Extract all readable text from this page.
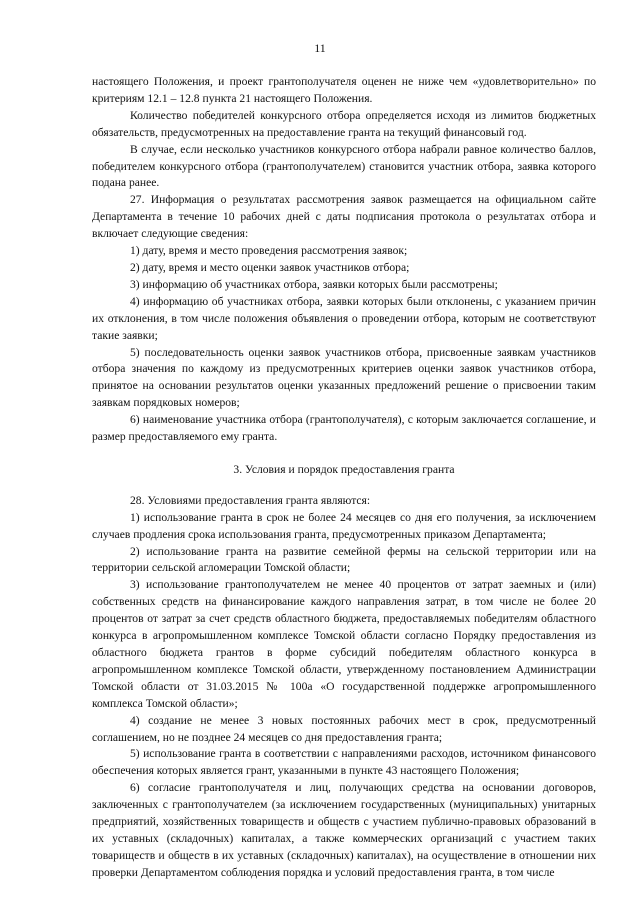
11

настоящего Положения, и проект грантополучателя оценен не ниже чем «удовлетворительно» по критериям 12.1 – 12.8 пункта 21 настоящего Положения.

Количество победителей конкурсного отбора определяется исходя из лимитов бюджетных обязательств, предусмотренных на предоставление гранта на текущий финансовый год.

В случае, если несколько участников конкурсного отбора набрали равное количество баллов, победителем конкурсного отбора (грантополучателем) становится участник отбора, заявка которого подана ранее.

27. Информация о результатах рассмотрения заявок размещается на официальном сайте Департамента в течение 10 рабочих дней с даты подписания протокола о результатах отбора и включает следующие сведения:

1) дату, время и место проведения рассмотрения заявок;

2) дату, время и место оценки заявок участников отбора;

3) информацию об участниках отбора, заявки которых были рассмотрены;

4) информацию об участниках отбора, заявки которых были отклонены, с указанием причин их отклонения, в том числе положения объявления о проведении отбора, которым не соответствуют такие заявки;

5) последовательность оценки заявок участников отбора, присвоенные заявкам участников отбора значения по каждому из предусмотренных критериев оценки заявок участников отбора, принятое на основании результатов оценки указанных предложений решение о присвоении таким заявкам порядковых номеров;

6) наименование участника отбора (грантополучателя), с которым заключается соглашение, и размер предоставляемого ему гранта.

3. Условия и порядок предоставления гранта

28. Условиями предоставления гранта являются:

1) использование гранта в срок не более 24 месяцев со дня его получения, за исключением случаев продления срока использования гранта, предусмотренных приказом Департамента;

2) использование гранта на развитие семейной фермы на сельской территории или на территории сельской агломерации Томской области;

3) использование грантополучателем не менее 40 процентов от затрат заемных и (или) собственных средств на финансирование каждого направления затрат, в том числе не более 20 процентов от затрат за счет средств областного бюджета, предоставляемых победителям областного конкурса в агропромышленном комплексе Томской области согласно Порядку предоставления из областного бюджета грантов в форме субсидий победителям областного конкурса в агропромышленном комплексе Томской области, утвержденному постановлением Администрации Томской области от 31.03.2015 № 100а «О государственной поддержке агропромышленного комплекса Томской области»;

4) создание не менее 3 новых постоянных рабочих мест в срок, предусмотренный соглашением, но не позднее 24 месяцев со дня предоставления гранта;

5) использование гранта в соответствии с направлениями расходов, источником финансового обеспечения которых является грант, указанными в пункте 43 настоящего Положения;

6) согласие грантополучателя и лиц, получающих средства на основании договоров, заключенных с грантополучателем (за исключением государственных (муниципальных) унитарных предприятий, хозяйственных товариществ и обществ с участием публично-правовых образований в их уставных (складочных) капиталах, а также коммерческих организаций с участием таких товариществ и обществ в их уставных (складочных) капиталах), на осуществление в отношении них проверки Департаментом соблюдения порядка и условий предоставления гранта, в том числе
